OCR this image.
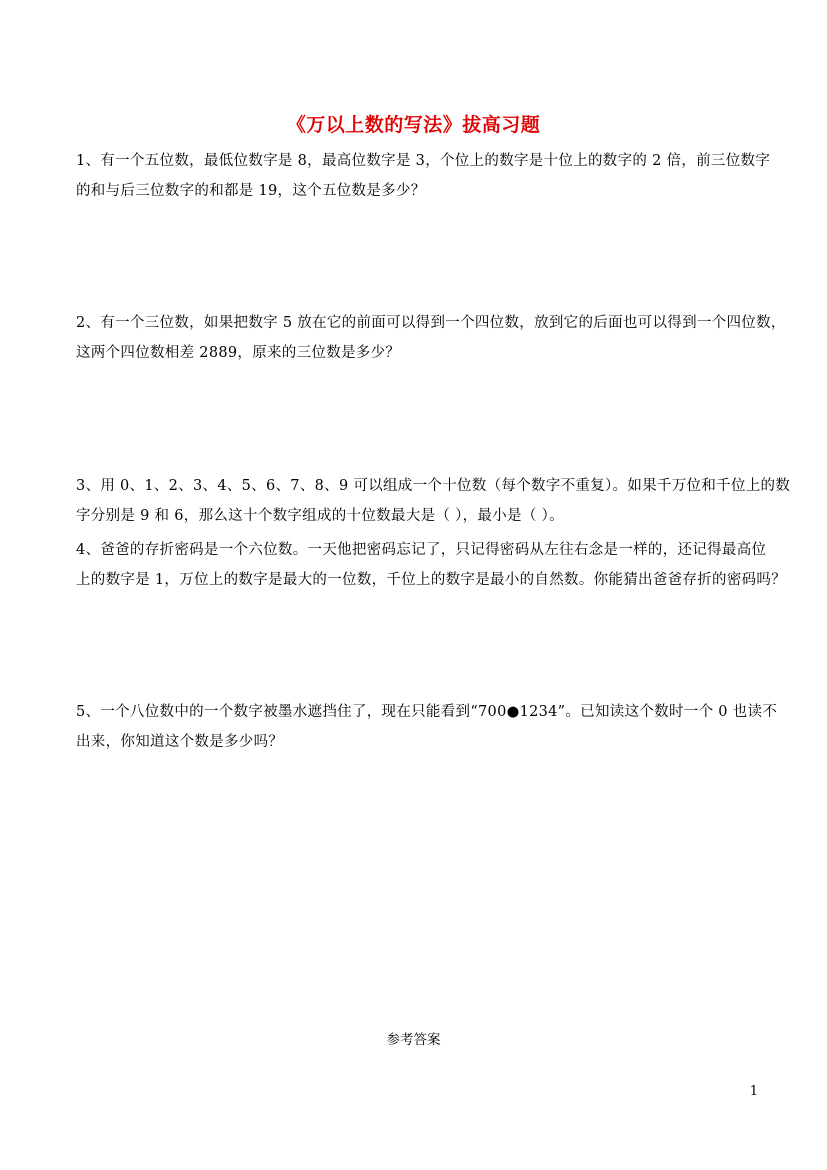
《万以上数的写法》拔高习题
1、有一个五位数，最低位数字是 8，最高位数字是 3，个位上的数字是十位上的数字的 2 倍，前三位数字
的和与后三位数字的和都是 19，这个五位数是多少？
2、有一个三位数，如果把数字 5 放在它的前面可以得到一个四位数，放到它的后面也可以得到一个四位数，
这两个四位数相差 2889，原来的三位数是多少？
3、用 0、1、2、3、4、5、6、7、8、9 可以组成一个十位数（每个数字不重复）。如果千万位和千位上的数
字分别是 9 和 6，那么这十个数字组成的十位数最大是（ ），最小是（ ）。
4、爸爸的存折密码是一个六位数。一天他把密码忘记了，只记得密码从左往右念是一样的，还记得最高位
上的数字是 1，万位上的数字是最大的一位数，千位上的数字是最小的自然数。你能猜出爸爸存折的密码吗？
5、一个八位数中的一个数字被墨水遮挡住了，现在只能看到“700●1234”。已知读这个数时一个 0 也读不
出来，你知道这个数是多少吗？
参考答案
1
